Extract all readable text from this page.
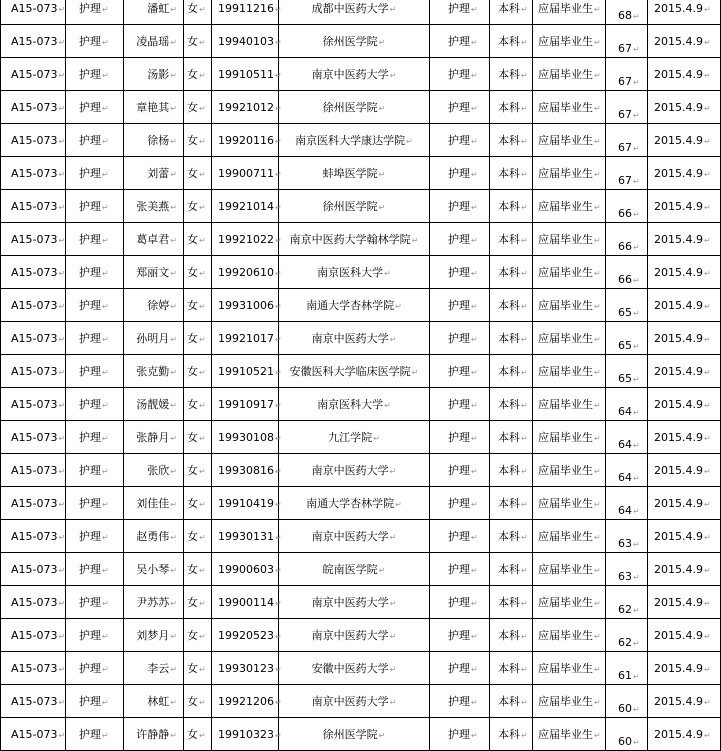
A15-073↵	护理↵	潘虹↵	女↵	19911216↵	成都中医药大学↵	护理↵	本科↵	应届毕业生↵	68↵	2015.4.9↵
A15-073↵	护理↵	凌晶瑶↵	女↵	19940103↵	徐州医学院↵	护理↵	本科↵	应届毕业生↵	67↵	2015.4.9↵
A15-073↵	护理↵	汤影↵	女↵	19910511↵	南京中医药大学↵	护理↵	本科↵	应届毕业生↵	67↵	2015.4.9↵
A15-073↵	护理↵	章艳其↵	女↵	19921012↵	徐州医学院↵	护理↵	本科↵	应届毕业生↵	67↵	2015.4.9↵
A15-073↵	护理↵	徐杨↵	女↵	19920116↵	南京医科大学康达学院↵	护理↵	本科↵	应届毕业生↵	67↵	2015.4.9↵
A15-073↵	护理↵	刘蕾↵	女↵	19900711↵	蚌埠医学院↵	护理↵	本科↵	应届毕业生↵	67↵	2015.4.9↵
A15-073↵	护理↵	张美燕↵	女↵	19921014↵	徐州医学院↵	护理↵	本科↵	应届毕业生↵	66↵	2015.4.9↵
A15-073↵	护理↵	葛卓君↵	女↵	19921022↵	南京中医药大学翰林学院↵	护理↵	本科↵	应届毕业生↵	66↵	2015.4.9↵
A15-073↵	护理↵	郑丽文↵	女↵	19920610↵	南京医科大学↵	护理↵	本科↵	应届毕业生↵	66↵	2015.4.9↵
A15-073↵	护理↵	徐婷↵	女↵	19931006↵	南通大学杏林学院↵	护理↵	本科↵	应届毕业生↵	65↵	2015.4.9↵
A15-073↵	护理↵	孙明月↵	女↵	19921017↵	南京中医药大学↵	护理↵	本科↵	应届毕业生↵	65↵	2015.4.9↵
A15-073↵	护理↵	张克勤↵	女↵	19910521↵	安徽医科大学临床医学院↵	护理↵	本科↵	应届毕业生↵	65↵	2015.4.9↵
A15-073↵	护理↵	汤靓媛↵	女↵	19910917↵	南京医科大学↵	护理↵	本科↵	应届毕业生↵	64↵	2015.4.9↵
A15-073↵	护理↵	张静月↵	女↵	19930108↵	九江学院↵	护理↵	本科↵	应届毕业生↵	64↵	2015.4.9↵
A15-073↵	护理↵	张欣↵	女↵	19930816↵	南京中医药大学↵	护理↵	本科↵	应届毕业生↵	64↵	2015.4.9↵
A15-073↵	护理↵	刘佳佳↵	女↵	19910419↵	南通大学杏林学院↵	护理↵	本科↵	应届毕业生↵	64↵	2015.4.9↵
A15-073↵	护理↵	赵勇伟↵	女↵	19930131↵	南京中医药大学↵	护理↵	本科↵	应届毕业生↵	63↵	2015.4.9↵
A15-073↵	护理↵	吴小琴↵	女↵	19900603↵	皖南医学院↵	护理↵	本科↵	应届毕业生↵	63↵	2015.4.9↵
A15-073↵	护理↵	尹苏苏↵	女↵	19900114↵	南京中医药大学↵	护理↵	本科↵	应届毕业生↵	62↵	2015.4.9↵
A15-073↵	护理↵	刘梦月↵	女↵	19920523↵	南京中医药大学↵	护理↵	本科↵	应届毕业生↵	62↵	2015.4.9↵
A15-073↵	护理↵	李云↵	女↵	19930123↵	安徽中医药大学↵	护理↵	本科↵	应届毕业生↵	61↵	2015.4.9↵
A15-073↵	护理↵	林虹↵	女↵	19921206↵	南京中医药大学↵	护理↵	本科↵	应届毕业生↵	60↵	2015.4.9↵
A15-073↵	护理↵	许静静↵	女↵	19910323↵	徐州医学院↵	护理↵	本科↵	应届毕业生↵	60↵	2015.4.9↵
